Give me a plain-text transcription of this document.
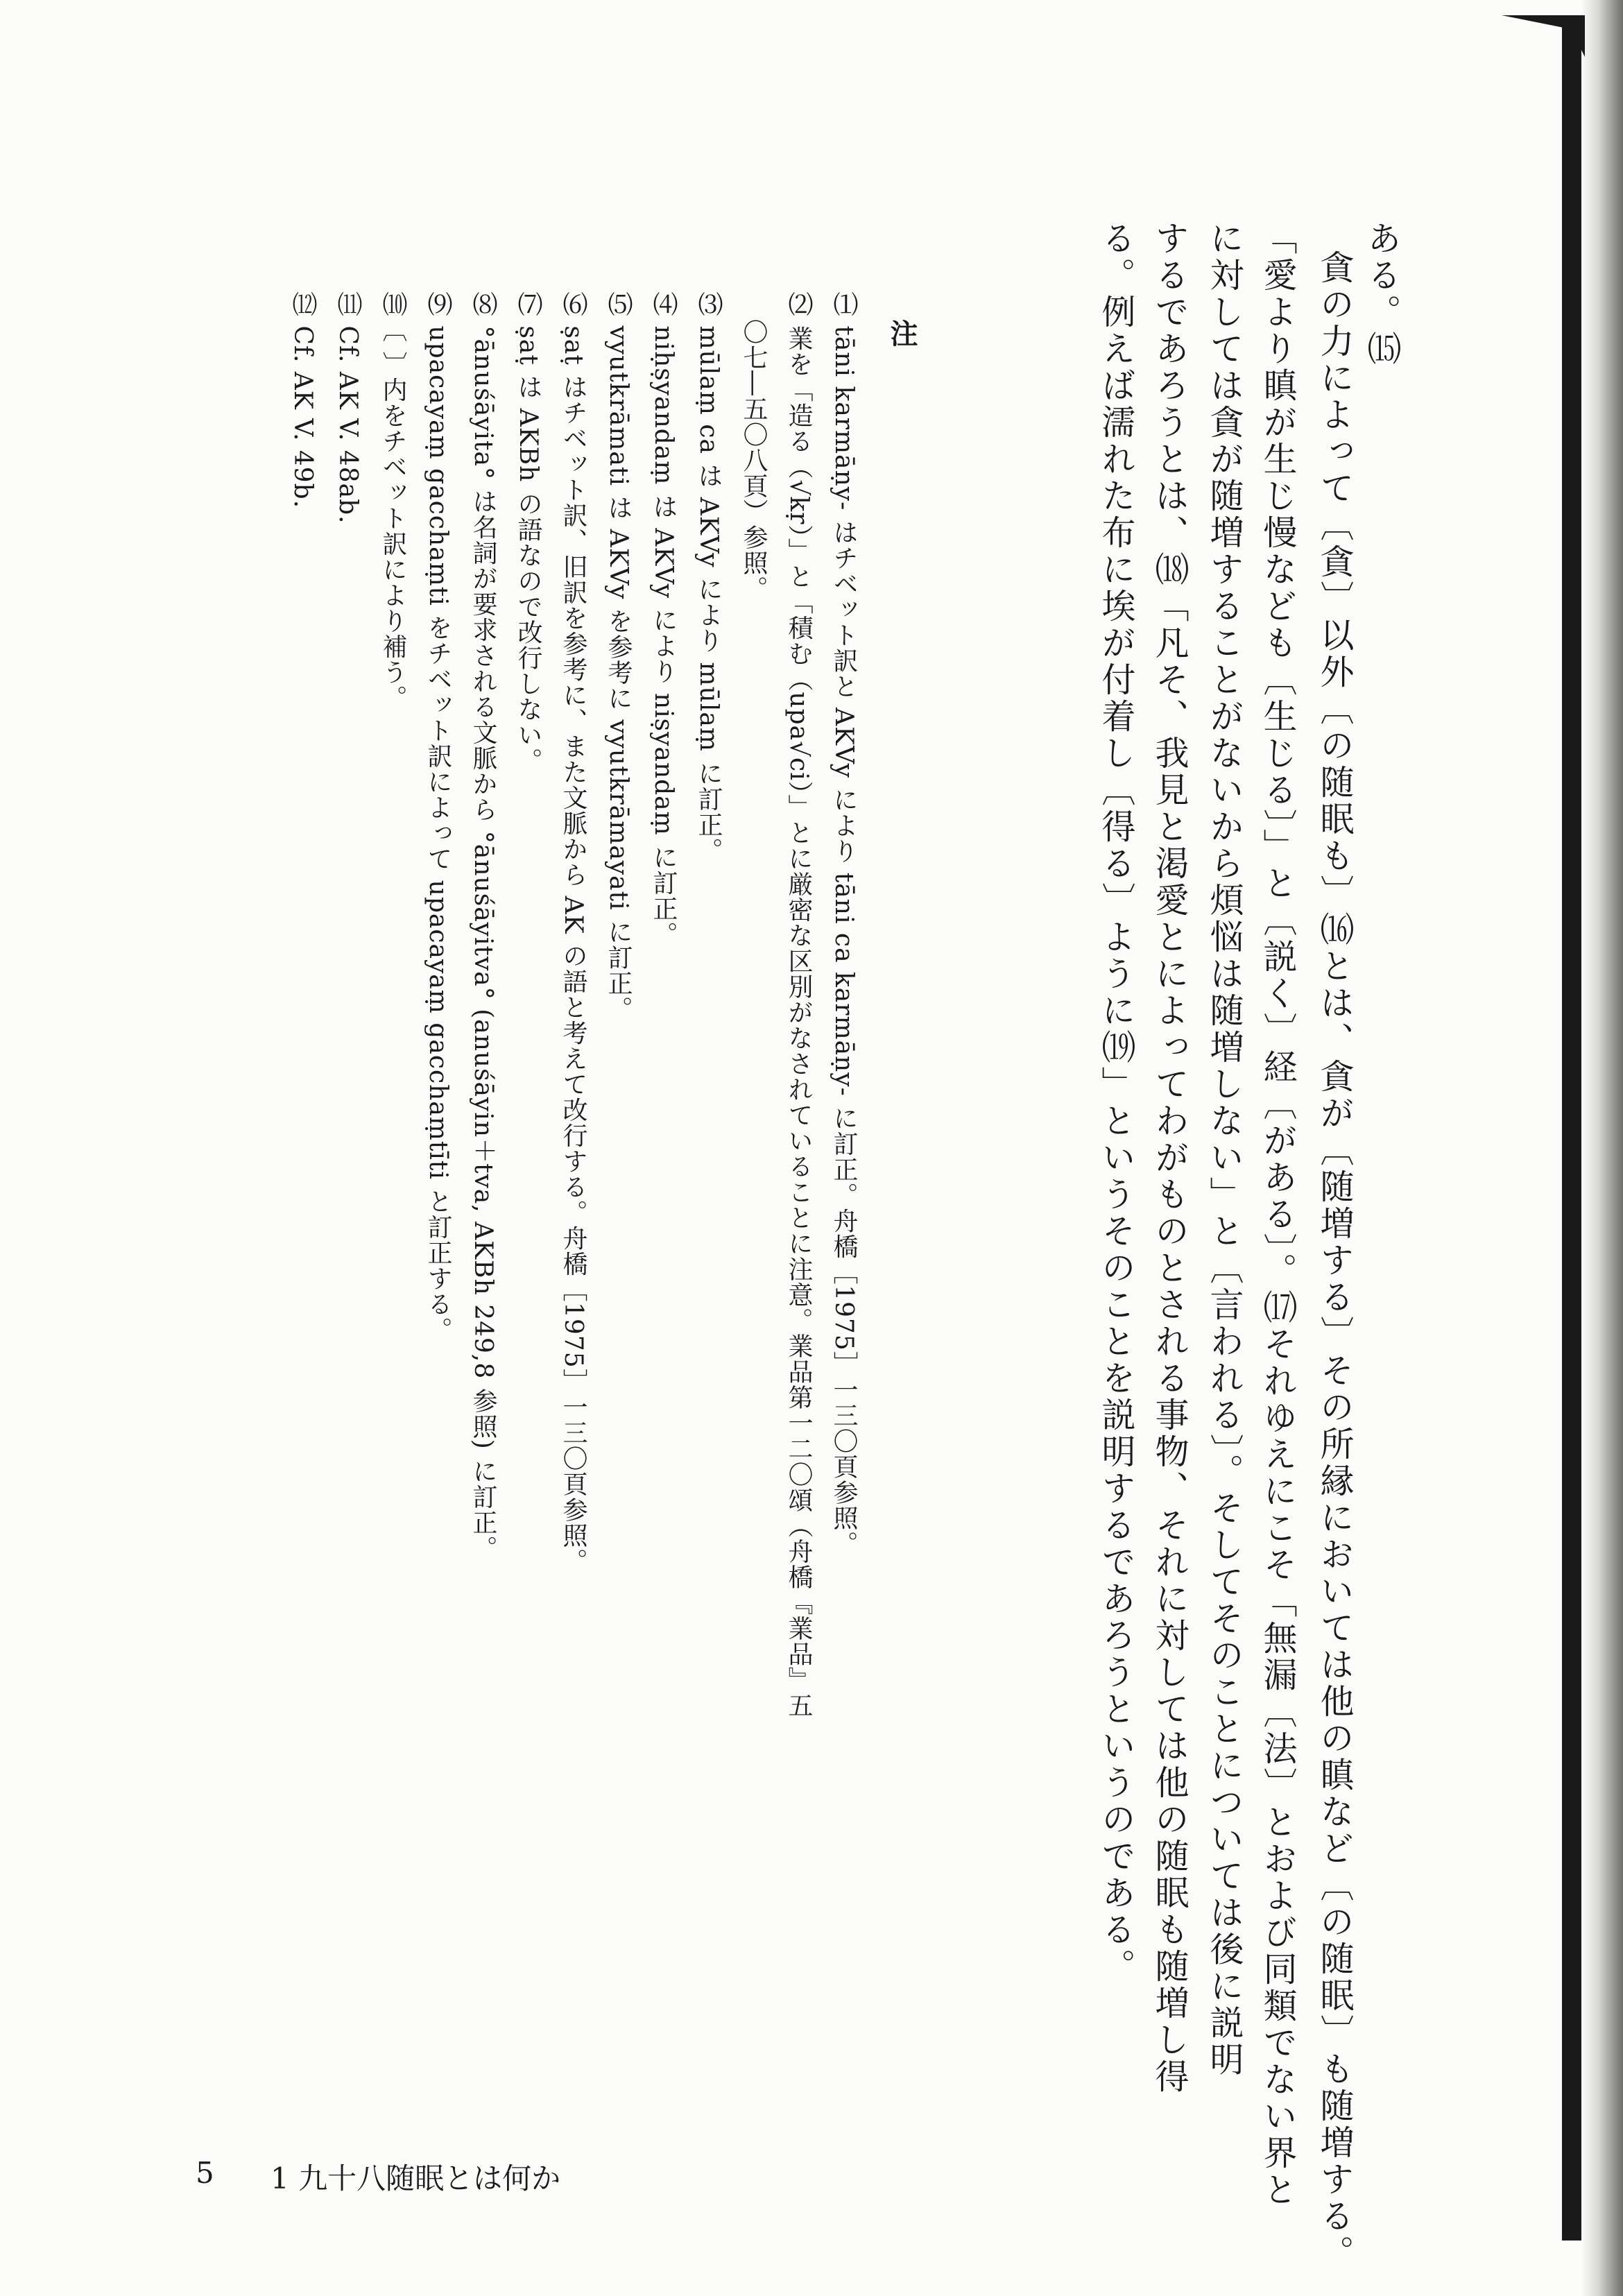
ある。⒂
貪の力によって〔貪〕以外〔の随眠も〕⒃とは、貪が〔随増する〕その所縁においては他の瞋など〔の随眠〕も随増する。
「愛より瞋が生じ慢なども〔生じる〕」と〔説く〕経〔がある〕。⒄それゆえにこそ「無漏〔法〕とおよび同類でない界と
に対しては貪が随増することがないから煩悩は随増しない」と〔言われる〕。そしてそのことについては後に説明
するであろうとは、⒅「凡そ、我見と渇愛とによってわがものとされる事物、それに対しては他の随眠も随増し得
る。例えば濡れた布に埃が付着し〔得る〕ように⒆」というそのことを説明するであろうというのである。
注
⑴ tāni karmāṇy- はチベット訳と AKVy により tāni ca karmāṇy- に訂正。舟橋［1975］一三〇頁参照。
⑵ 業を「造る（√kṛ）」と「積む（upa√ci）」とに厳密な区別がなされていることに注意。業品第一二〇頌（舟橋『業品』五
〇七―五〇八頁）参照。
⑶ mūlaṃ ca は AKVy により mūlaṃ に訂正。
⑷ niḥṣyandaṃ は AKVy により niṣyandaṃ に訂正。
⑸ vyutkrāmati は AKVy を参考に vyutkrāmayati に訂正。
⑹ ṣaṭ はチベット訳、旧訳を参考に、また文脈から AK の語と考えて改行する。舟橋［1975］一三〇頁参照。
⑺ ṣaṭ は AKBh の語なので改行しない。
⑻ °ānuśāyita° は名詞が要求される文脈から °ānuśāyitva° (anuśāyin＋tva, AKBh 249,8 参照) に訂正。
⑼ upacayaṃ gacchaṃti をチベット訳によって upacayaṃ gacchaṃtīti と訂正する。
⑽〔 〕内をチベット訳により補う。
⑾ Cf. AK V. 48ab.
⑿ Cf. AK V. 49b.
5 1 九十八随眠とは何か
